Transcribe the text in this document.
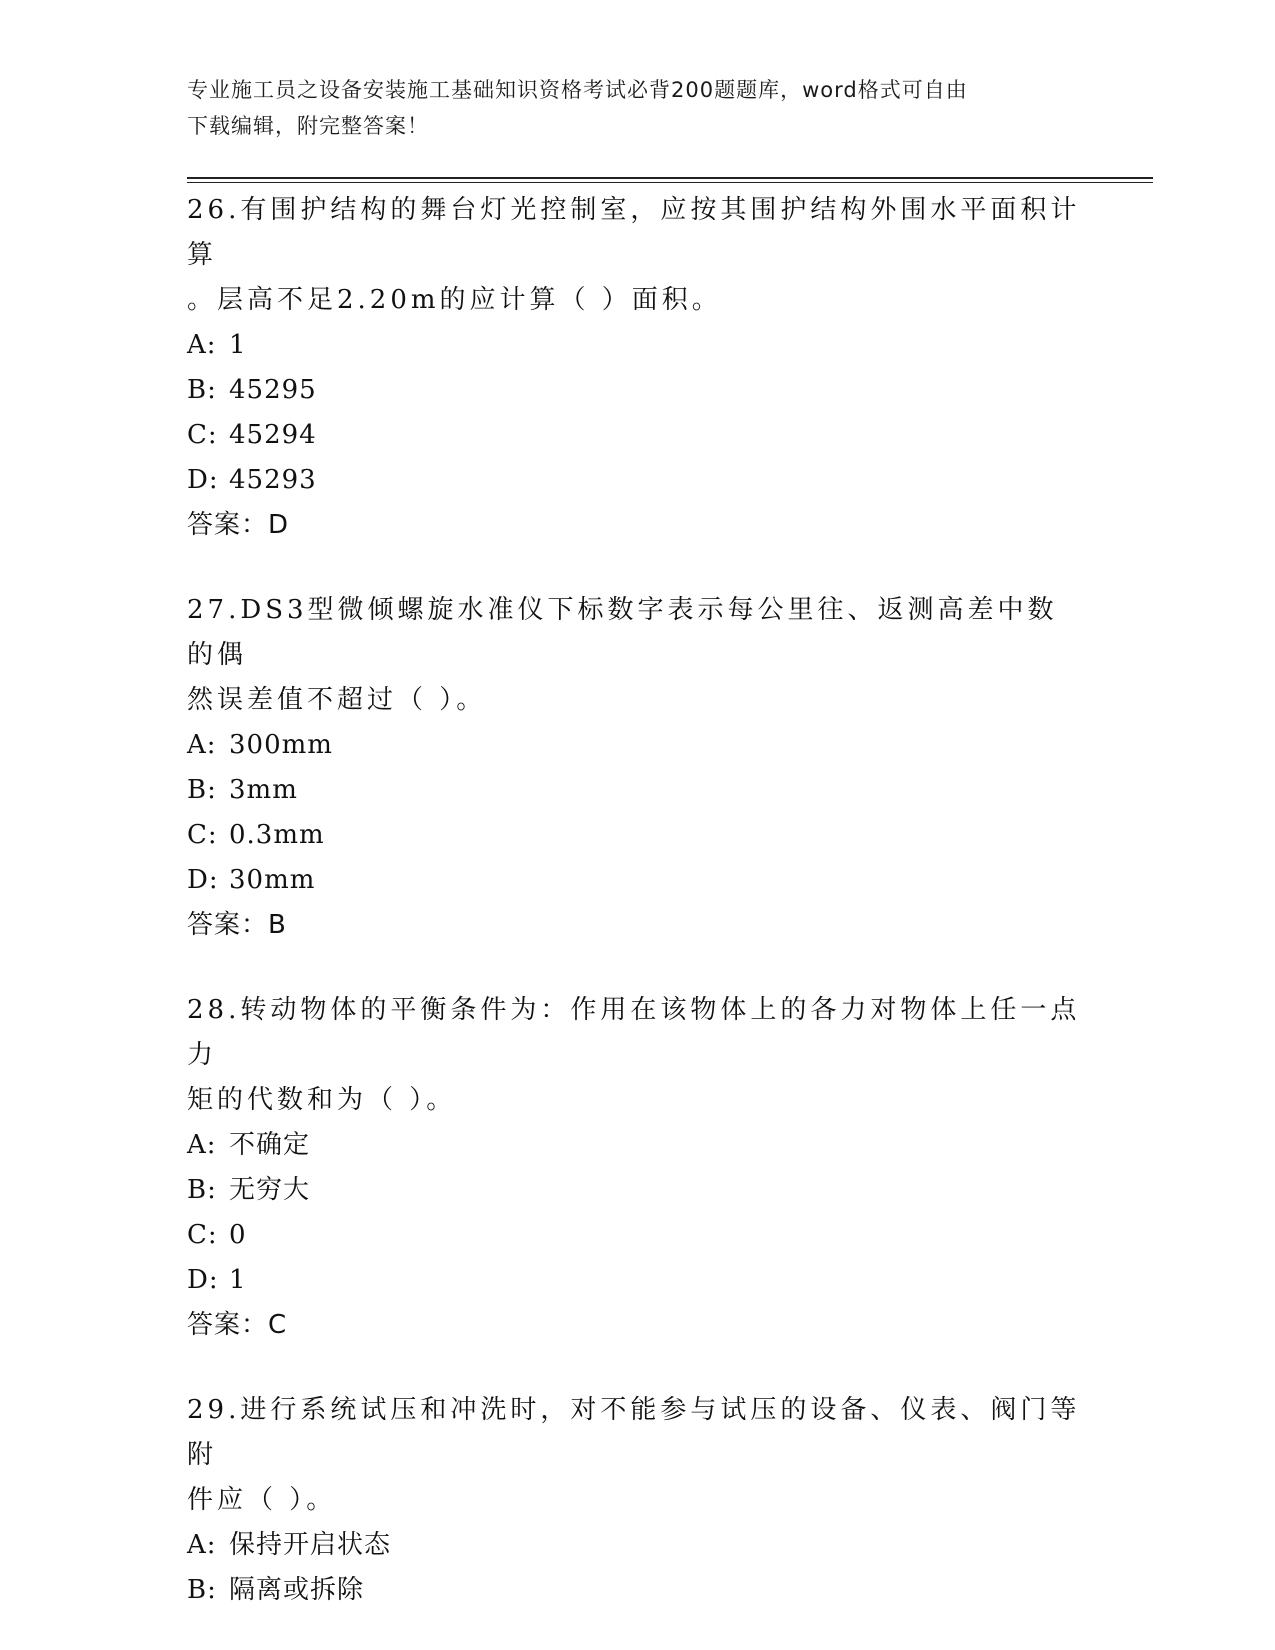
专业施工员之设备安装施工基础知识资格考试必背200题题库，word格式可自由
下载编辑，附完整答案！

26.有围护结构的舞台灯光控制室，应按其围护结构外围水平面积计算

。层高不足2.20m的应计算（ ）面积。

A: 1

B: 45295

C: 45294

D: 45293

答案：D

27.DS3型微倾螺旋水准仪下标数字表示每公里往、返测高差中数的偶

然误差值不超过（ ）。

A: 300mm

B: 3mm

C: 0.3mm

D: 30mm

答案：B

28.转动物体的平衡条件为：作用在该物体上的各力对物体上任一点力

矩的代数和为（ ）。

A: 不确定

B: 无穷大

C: 0

D: 1

答案：C

29.进行系统试压和冲洗时，对不能参与试压的设备、仪表、阀门等附

件应（ ）。

A: 保持开启状态

B: 隔离或拆除
